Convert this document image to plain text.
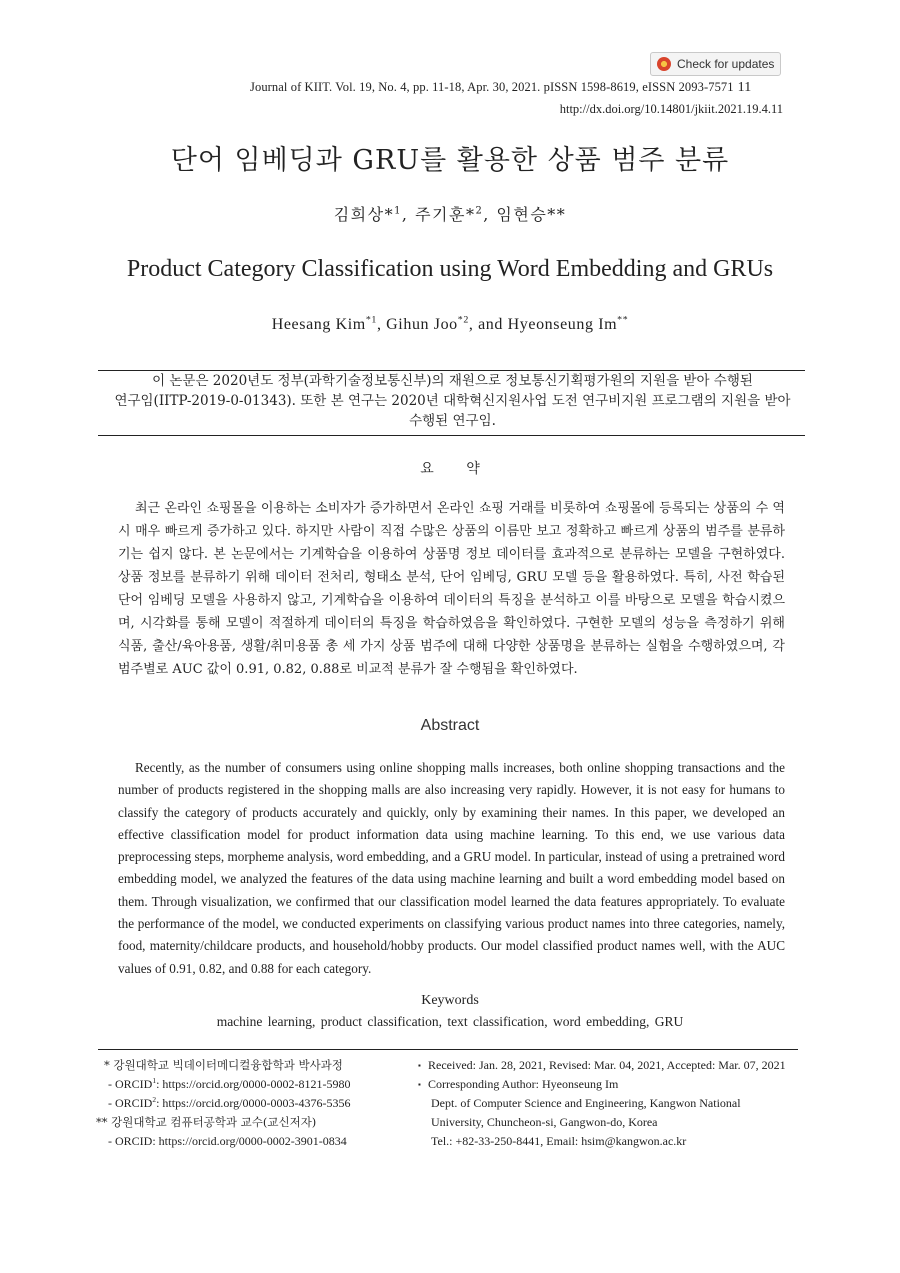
Check for updates
Journal of KIIT. Vol. 19, No. 4, pp. 11-18, Apr. 30, 2021. pISSN 1598-8619, eISSN 2093-7571 11
http://dx.doi.org/10.14801/jkiit.2021.19.4.11
단어 임베딩과 GRU를 활용한 상품 범주 분류
김희상*$^1$, 주기훈*$^2$, 임현승**
Product Category Classification using Word Embedding and GRUs
Heesang Kim$^{*1}$, Gihun Joo$^{*2}$, and Hyeonseung Im**
이 논문은 2020년도 정부(과학기술정보통신부)의 재원으로 정보통신기획평가원의 지원을 받아 수행된
연구임(IITP-2019-0-01343). 또한 본 연구는 2020년 대학혁신지원사업 도전 연구비지원 프로그램의 지원을 받아
수행된 연구임.
요 약

최근 온라인 쇼핑몰을 이용하는 소비자가 증가하면서 온라인 쇼핑 거래를 비롯하여 쇼핑몰에 등록되는 상품의 수 역시 매우 빠르게 증가하고 있다. 하지만 사람이 직접 수많은 상품의 이름만 보고 정확하고 빠르게 상품의 범주를 분류하기는 쉽지 않다. 본 논문에서는 기계학습을 이용하여 상품명 정보 데이터를 효과적으로 분류하는 모델을 구현하였다. 상품 정보를 분류하기 위해 데이터 전처리, 형태소 분석, 단어 임베딩, GRU 모델 등을 활용하였다. 특히, 사전 학습된 단어 임베딩 모델을 사용하지 않고, 기계학습을 이용하여 데이터의 특징을 분석하고 이를 바탕으로 모델을 학습시켰으며, 시각화를 통해 모델이 적절하게 데이터의 특징을 학습하였음을 확인하였다. 구현한 모델의 성능을 측정하기 위해 식품, 출산/육아용품, 생활/취미용품 총 세 가지 상품 범주에 대해 다양한 상품명을 분류하는 실험을 수행하였으며, 각 범주별로 AUC 값이 0.91, 0.82, 0.88로 비교적 분류가 잘 수행됨을 확인하였다.

Abstract

Recently, as the number of consumers using online shopping malls increases, both online shopping transactions and the number of products registered in the shopping malls are also increasing very rapidly. However, it is not easy for humans to classify the category of products accurately and quickly, only by examining their names. In this paper, we developed an effective classification model for product information data using machine learning. To this end, we use various data preprocessing steps, morpheme analysis, word embedding, and a GRU model. In particular, instead of using a pretrained word embedding model, we analyzed the features of the data using machine learning and built a word embedding model based on them. Through visualization, we confirmed that our classification model learned the data features appropriately. To evaluate the performance of the model, we conducted experiments on classifying various product names into three categories, namely, food, maternity/childcare products, and household/hobby products. Our model classified product names well, with the AUC values of 0.91, 0.82, and 0.88 for each category.

Keywords
machine learning, product classification, text classification, word embedding, GRU
* 강원대학교 빅데이터메디컬융합학과 박사과정
- ORCID$^1$: https://orcid.org/0000-0002-8121-5980
- ORCID$^2$: https://orcid.org/0000-0003-4376-5356
** 강원대학교 컴퓨터공학과 교수(교신저자)
- ORCID: https://orcid.org/0000-0002-3901-0834
▪ Received: Jan. 28, 2021, Revised: Mar. 04, 2021, Accepted: Mar. 07, 2021
▪ Corresponding Author: Hyeonseung Im
Dept. of Computer Science and Engineering, Kangwon National
University, Chuncheon-si, Gangwon-do, Korea
Tel.: +82-33-250-8441, Email: hsim@kangwon.ac.kr
